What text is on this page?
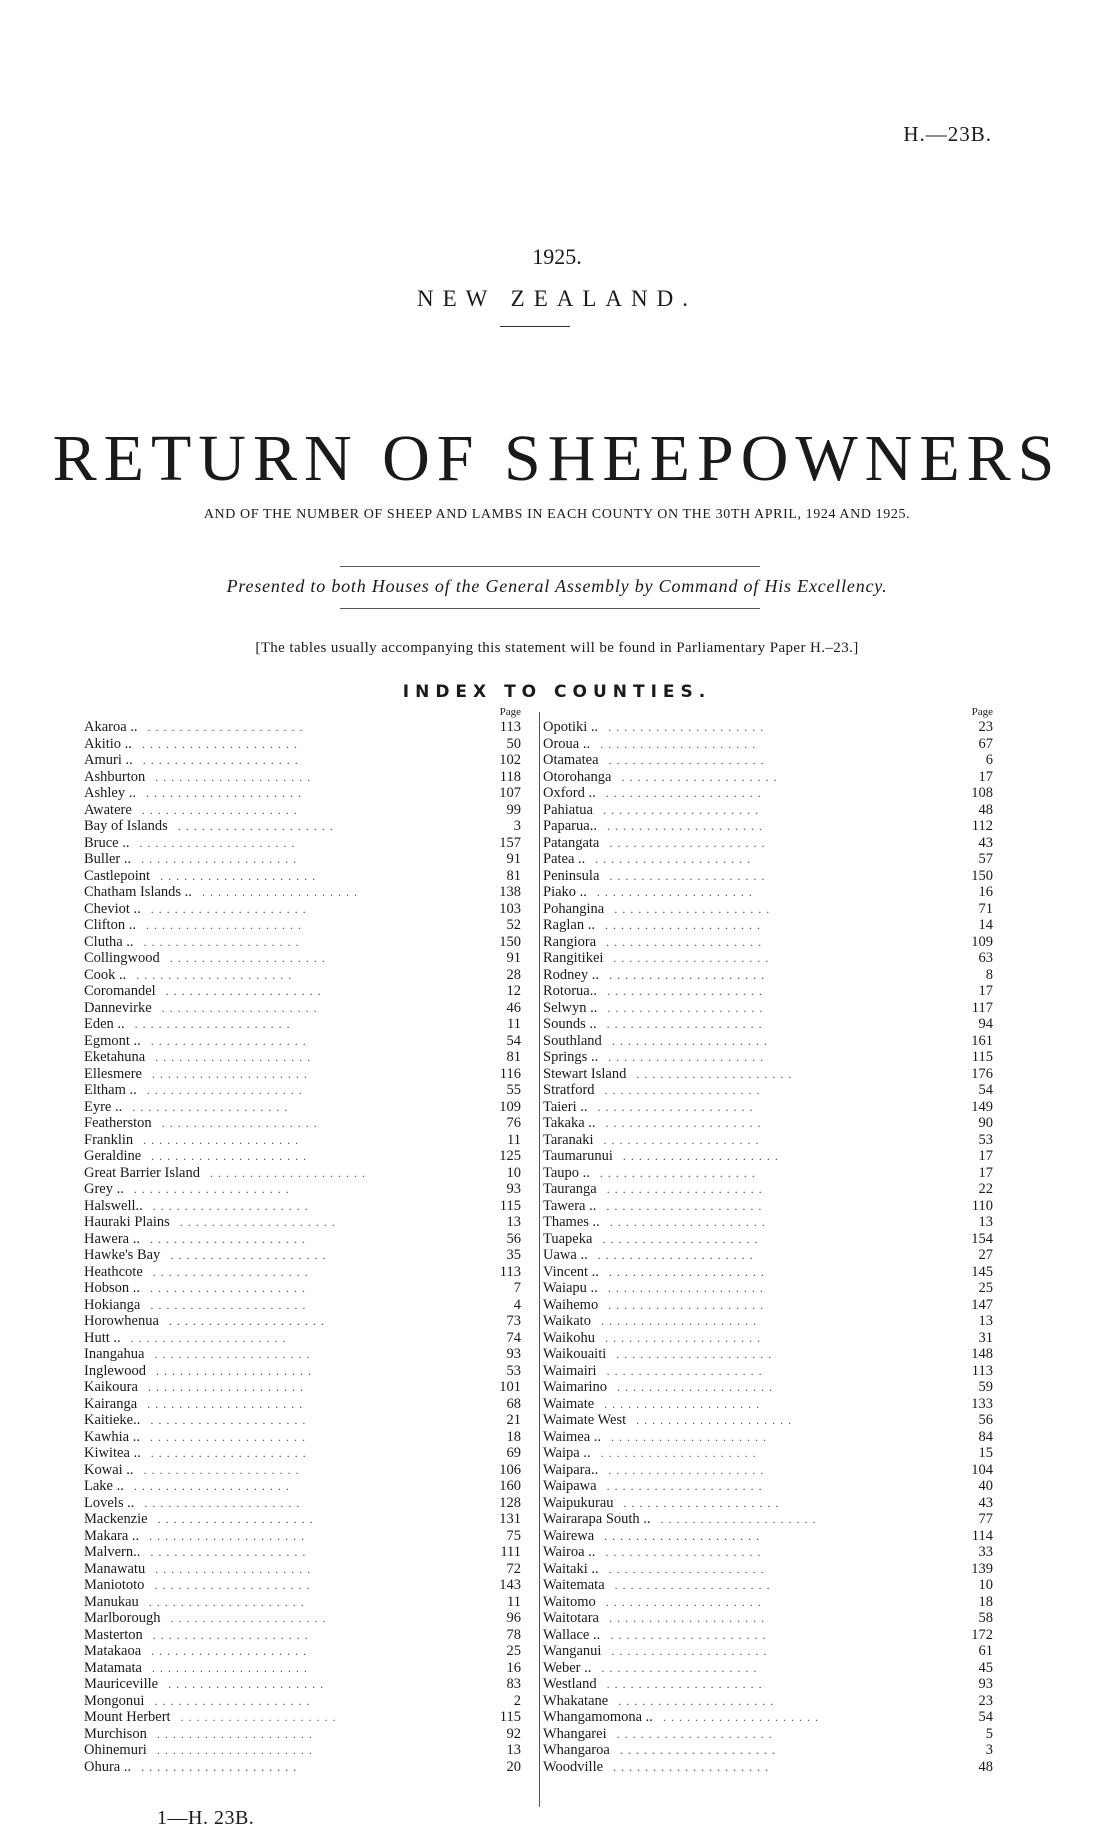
H.—23B.
1925.
NEW ZEALAND.
RETURN OF SHEEPOWNERS
AND OF THE NUMBER OF SHEEP AND LAMBS IN EACH COUNTY ON THE 30TH APRIL, 1924 AND 1925.
Presented to both Houses of the General Assembly by Command of His Excellency.
[The tables usually accompanying this statement will be found in Parliamentary Paper H.–23.]
INDEX TO COUNTIES.
Page
Akaroa .. . . . . . . . . . . . . . . . . . . . .	113
Akitio .. . . . . . . . . . . . . . . . . . . . .	50
Amuri .. . . . . . . . . . . . . . . . . . . . .	102
Ashburton . . . . . . . . . . . . . . . . . . . .	118
Ashley .. . . . . . . . . . . . . . . . . . . . .	107
Awatere . . . . . . . . . . . . . . . . . . . .	99
Bay of Islands . . . . . . . . . . . . . . . . . . . .	3
Bruce .. . . . . . . . . . . . . . . . . . . . .	157
Buller .. . . . . . . . . . . . . . . . . . . . .	91
Castlepoint . . . . . . . . . . . . . . . . . . . .	81
Chatham Islands .. . . . . . . . . . . . . . . . . . . . .	138
Cheviot .. . . . . . . . . . . . . . . . . . . . .	103
Clifton .. . . . . . . . . . . . . . . . . . . . .	52
Clutha .. . . . . . . . . . . . . . . . . . . . .	150
Collingwood . . . . . . . . . . . . . . . . . . . .	91
Cook .. . . . . . . . . . . . . . . . . . . . .	28
Coromandel . . . . . . . . . . . . . . . . . . . .	12
Dannevirke . . . . . . . . . . . . . . . . . . . .	46
Eden .. . . . . . . . . . . . . . . . . . . . .	11
Egmont .. . . . . . . . . . . . . . . . . . . . .	54
Eketahuna . . . . . . . . . . . . . . . . . . . .	81
Ellesmere . . . . . . . . . . . . . . . . . . . .	116
Eltham .. . . . . . . . . . . . . . . . . . . . .	55
Eyre .. . . . . . . . . . . . . . . . . . . . .	109
Featherston . . . . . . . . . . . . . . . . . . . .	76
Franklin . . . . . . . . . . . . . . . . . . . .	11
Geraldine . . . . . . . . . . . . . . . . . . . .	125
Great Barrier Island . . . . . . . . . . . . . . . . . . . .	10
Grey .. . . . . . . . . . . . . . . . . . . . .	93
Halswell.. . . . . . . . . . . . . . . . . . . . .	115
Hauraki Plains . . . . . . . . . . . . . . . . . . . .	13
Hawera .. . . . . . . . . . . . . . . . . . . . .	56
Hawke's Bay . . . . . . . . . . . . . . . . . . . .	35
Heathcote . . . . . . . . . . . . . . . . . . . .	113
Hobson .. . . . . . . . . . . . . . . . . . . . .	7
Hokianga . . . . . . . . . . . . . . . . . . . .	4
Horowhenua . . . . . . . . . . . . . . . . . . . .	73
Hutt .. . . . . . . . . . . . . . . . . . . . .	74
Inangahua . . . . . . . . . . . . . . . . . . . .	93
Inglewood . . . . . . . . . . . . . . . . . . . .	53
Kaikoura . . . . . . . . . . . . . . . . . . . .	101
Kairanga . . . . . . . . . . . . . . . . . . . .	68
Kaitieke.. . . . . . . . . . . . . . . . . . . . .	21
Kawhia .. . . . . . . . . . . . . . . . . . . . .	18
Kiwitea .. . . . . . . . . . . . . . . . . . . . .	69
Kowai .. . . . . . . . . . . . . . . . . . . . .	106
Lake .. . . . . . . . . . . . . . . . . . . . .	160
Lovels .. . . . . . . . . . . . . . . . . . . . .	128
Mackenzie . . . . . . . . . . . . . . . . . . . .	131
Makara .. . . . . . . . . . . . . . . . . . . . .	75
Malvern.. . . . . . . . . . . . . . . . . . . . .	111
Manawatu . . . . . . . . . . . . . . . . . . . .	72
Maniototo . . . . . . . . . . . . . . . . . . . .	143
Manukau . . . . . . . . . . . . . . . . . . . .	11
Marlborough . . . . . . . . . . . . . . . . . . . .	96
Masterton . . . . . . . . . . . . . . . . . . . .	78
Matakaoa . . . . . . . . . . . . . . . . . . . .	25
Matamata . . . . . . . . . . . . . . . . . . . .	16
Mauriceville . . . . . . . . . . . . . . . . . . . .	83
Mongonui . . . . . . . . . . . . . . . . . . . .	2
Mount Herbert . . . . . . . . . . . . . . . . . . . .	115
Murchison . . . . . . . . . . . . . . . . . . . .	92
Ohinemuri . . . . . . . . . . . . . . . . . . . .	13
Ohura .. . . . . . . . . . . . . . . . . . . . .	20
Page
Opotiki .. . . . . . . . . . . . . . . . . . . . .	23
Oroua .. . . . . . . . . . . . . . . . . . . . .	67
Otamatea . . . . . . . . . . . . . . . . . . . .	6
Otorohanga . . . . . . . . . . . . . . . . . . . .	17
Oxford .. . . . . . . . . . . . . . . . . . . . .	108
Pahiatua . . . . . . . . . . . . . . . . . . . .	48
Paparua.. . . . . . . . . . . . . . . . . . . . .	112
Patangata . . . . . . . . . . . . . . . . . . . .	43
Patea .. . . . . . . . . . . . . . . . . . . . .	57
Peninsula . . . . . . . . . . . . . . . . . . . .	150
Piako .. . . . . . . . . . . . . . . . . . . . .	16
Pohangina . . . . . . . . . . . . . . . . . . . .	71
Raglan .. . . . . . . . . . . . . . . . . . . . .	14
Rangiora . . . . . . . . . . . . . . . . . . . .	109
Rangitikei . . . . . . . . . . . . . . . . . . . .	63
Rodney .. . . . . . . . . . . . . . . . . . . . .	8
Rotorua.. . . . . . . . . . . . . . . . . . . . .	17
Selwyn .. . . . . . . . . . . . . . . . . . . . .	117
Sounds .. . . . . . . . . . . . . . . . . . . . .	94
Southland . . . . . . . . . . . . . . . . . . . .	161
Springs .. . . . . . . . . . . . . . . . . . . . .	115
Stewart Island . . . . . . . . . . . . . . . . . . . .	176
Stratford . . . . . . . . . . . . . . . . . . . .	54
Taieri .. . . . . . . . . . . . . . . . . . . . .	149
Takaka .. . . . . . . . . . . . . . . . . . . . .	90
Taranaki . . . . . . . . . . . . . . . . . . . .	53
Taumarunui . . . . . . . . . . . . . . . . . . . .	17
Taupo .. . . . . . . . . . . . . . . . . . . . .	17
Tauranga . . . . . . . . . . . . . . . . . . . .	22
Tawera .. . . . . . . . . . . . . . . . . . . . .	110
Thames .. . . . . . . . . . . . . . . . . . . . .	13
Tuapeka . . . . . . . . . . . . . . . . . . . .	154
Uawa .. . . . . . . . . . . . . . . . . . . . .	27
Vincent .. . . . . . . . . . . . . . . . . . . . .	145
Waiapu .. . . . . . . . . . . . . . . . . . . . .	25
Waihemo . . . . . . . . . . . . . . . . . . . .	147
Waikato . . . . . . . . . . . . . . . . . . . .	13
Waikohu . . . . . . . . . . . . . . . . . . . .	31
Waikouaiti . . . . . . . . . . . . . . . . . . . .	148
Waimairi . . . . . . . . . . . . . . . . . . . .	113
Waimarino . . . . . . . . . . . . . . . . . . . .	59
Waimate . . . . . . . . . . . . . . . . . . . .	133
Waimate West . . . . . . . . . . . . . . . . . . . .	56
Waimea .. . . . . . . . . . . . . . . . . . . . .	84
Waipa .. . . . . . . . . . . . . . . . . . . . .	15
Waipara.. . . . . . . . . . . . . . . . . . . . .	104
Waipawa . . . . . . . . . . . . . . . . . . . .	40
Waipukurau . . . . . . . . . . . . . . . . . . . .	43
Wairarapa South .. . . . . . . . . . . . . . . . . . . . .	77
Wairewa . . . . . . . . . . . . . . . . . . . .	114
Wairoa .. . . . . . . . . . . . . . . . . . . . .	33
Waitaki .. . . . . . . . . . . . . . . . . . . . .	139
Waitemata . . . . . . . . . . . . . . . . . . . .	10
Waitomo . . . . . . . . . . . . . . . . . . . .	18
Waitotara . . . . . . . . . . . . . . . . . . . .	58
Wallace .. . . . . . . . . . . . . . . . . . . . .	172
Wanganui . . . . . . . . . . . . . . . . . . . .	61
Weber .. . . . . . . . . . . . . . . . . . . . .	45
Westland . . . . . . . . . . . . . . . . . . . .	93
Whakatane . . . . . . . . . . . . . . . . . . . .	23
Whangamomona .. . . . . . . . . . . . . . . . . . . . .	54
Whangarei . . . . . . . . . . . . . . . . . . . .	5
Whangaroa . . . . . . . . . . . . . . . . . . . .	3
Woodville . . . . . . . . . . . . . . . . . . . .	48
1—H. 23B.
